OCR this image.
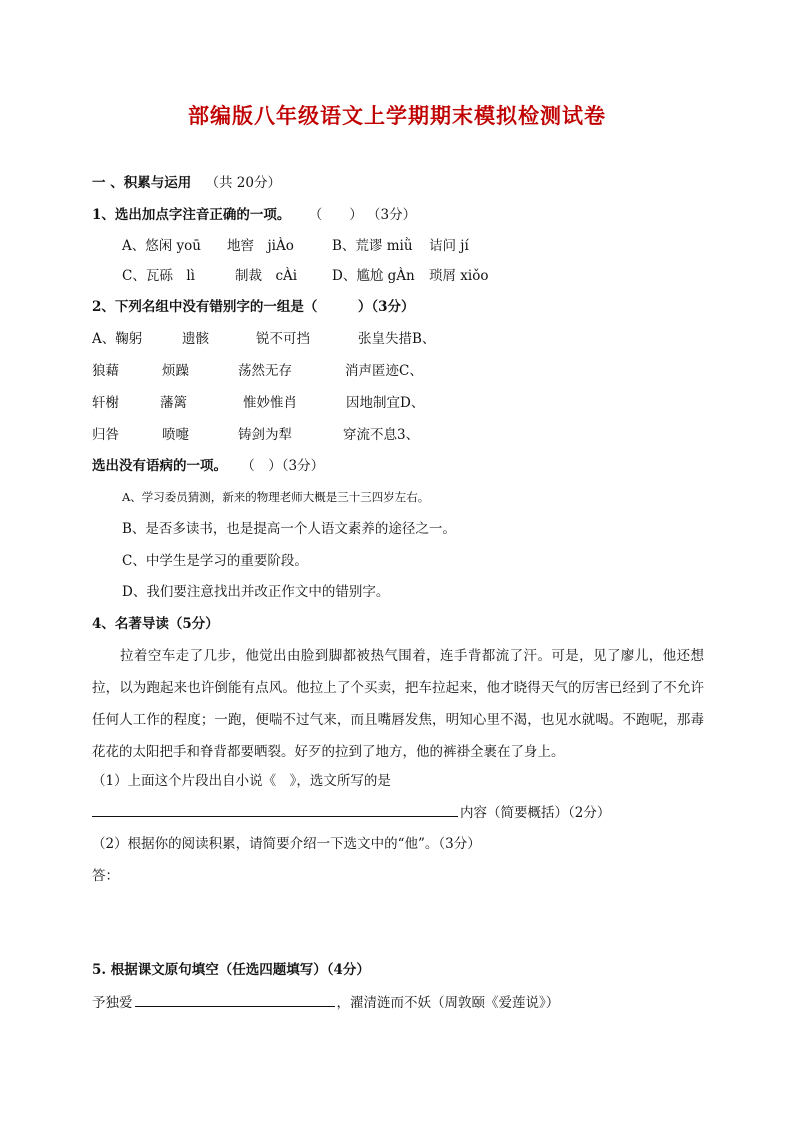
部编版八年级语文上学期期末模拟检测试卷
一 、积累与运用 （共 20分）
1、选出加点字注音正确的一项。 （　　） （3分）
A、悠闲 yoū 地窖　jiÀo	B、荒谬 miǜ 诘问 jí
C、瓦砾　lì	制裁　cÀi	D、尴尬 gÀn 琐屑 xiǒo
2、下列名组中没有错别字的一组是（　　　）（3分）
A、鞠躬	遗骸	锐不可挡	张皇失措B、
狼藉	烦躁	荡然无存	消声匿迹C、
轩榭	藩篱	惟妙惟肖	因地制宜D、
归咎	喷嚏	铸剑为犁	穿流不息3、
选出没有语病的一项。 （　）（3分）
A、学习委员猜测，新来的物理老师大概是三十三四岁左右。
B、是否多读书，也是提高一个人语文素养的途径之一。
C、中学生是学习的重要阶段。
D、我们要注意找出并改正作文中的错别字。
4、名著导读（5分）
拉着空车走了几步，他觉出由脸到脚都被热气围着，连手背都流了汗。可是，见了廖儿，他还想拉，以为跑起来也许倒能有点风。他拉上了个买卖，把车拉起来，他才晓得天气的厉害已经到了不允许任何人工作的程度；一跑，便喘不过气来，而且嘴唇发焦，明知心里不渴，也见水就喝。不跑呢，那毒花花的太阳把手和脊背都要晒裂。好歹的拉到了地方，他的裤褂全裹在了身上。
（1）上面这个片段出自小说《　》，选文所写的是
内容（简要概括）（2分）
（2）根据你的阅读积累，请简要介绍一下选文中的“他”。（3分）
答：
5. 根据课文原句填空（任选四题填写）（4分）
予独爱	，濯清涟而不妖（周敦颐《爱莲说》）
